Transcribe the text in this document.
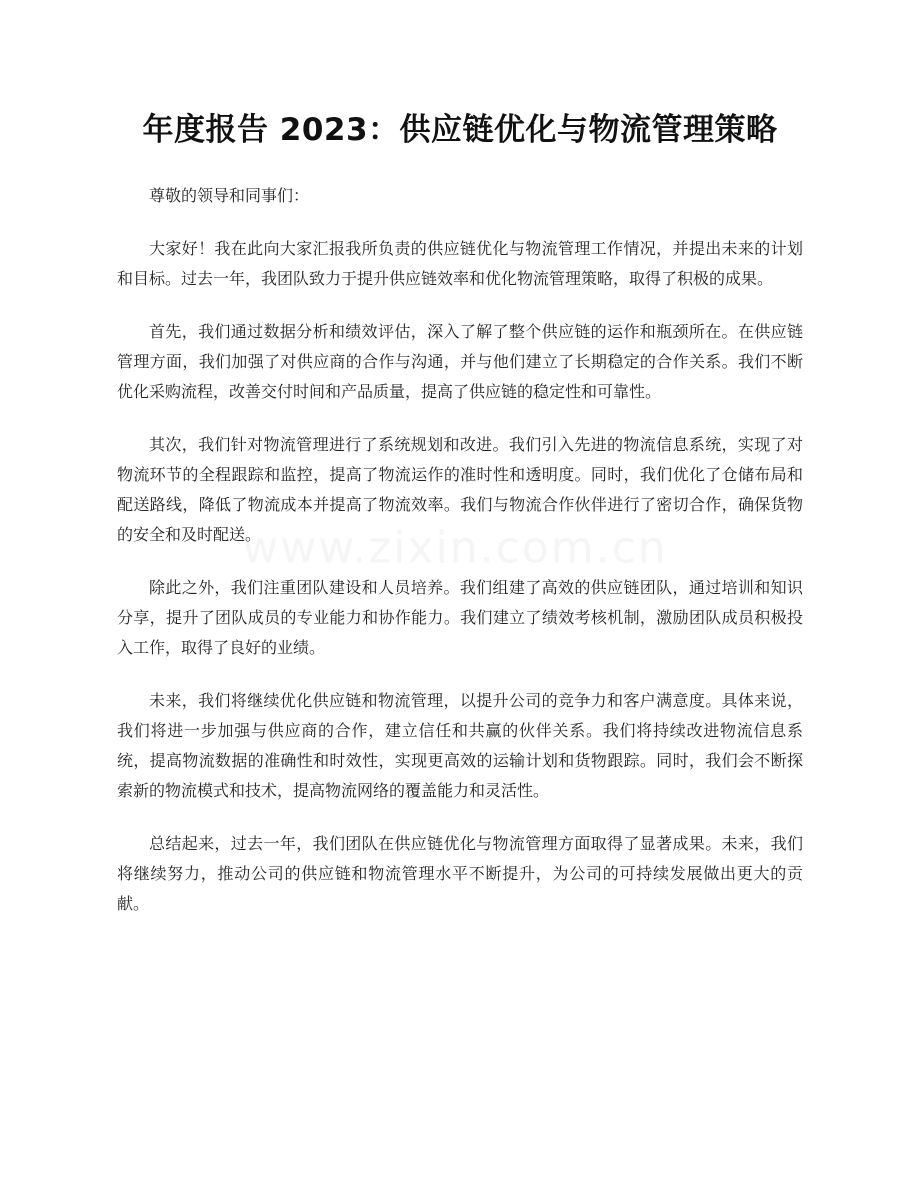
年度报告 2023：供应链优化与物流管理策略

尊敬的领导和同事们：

大家好！我在此向大家汇报我所负责的供应链优化与物流管理工作情况，并提出未来的计划和目标。过去一年，我团队致力于提升供应链效率和优化物流管理策略，取得了积极的成果。

首先，我们通过数据分析和绩效评估，深入了解了整个供应链的运作和瓶颈所在。在供应链管理方面，我们加强了对供应商的合作与沟通，并与他们建立了长期稳定的合作关系。我们不断优化采购流程，改善交付时间和产品质量，提高了供应链的稳定性和可靠性。

其次，我们针对物流管理进行了系统规划和改进。我们引入先进的物流信息系统，实现了对物流环节的全程跟踪和监控，提高了物流运作的准时性和透明度。同时，我们优化了仓储布局和配送路线，降低了物流成本并提高了物流效率。我们与物流合作伙伴进行了密切合作，确保货物的安全和及时配送。

除此之外，我们注重团队建设和人员培养。我们组建了高效的供应链团队，通过培训和知识分享，提升了团队成员的专业能力和协作能力。我们建立了绩效考核机制，激励团队成员积极投入工作，取得了良好的业绩。

未来，我们将继续优化供应链和物流管理，以提升公司的竞争力和客户满意度。具体来说，我们将进一步加强与供应商的合作，建立信任和共赢的伙伴关系。我们将持续改进物流信息系统，提高物流数据的准确性和时效性，实现更高效的运输计划和货物跟踪。同时，我们会不断探索新的物流模式和技术，提高物流网络的覆盖能力和灵活性。

总结起来，过去一年，我们团队在供应链优化与物流管理方面取得了显著成果。未来，我们将继续努力，推动公司的供应链和物流管理水平不断提升，为公司的可持续发展做出更大的贡献。

www.zixin.com.cn
